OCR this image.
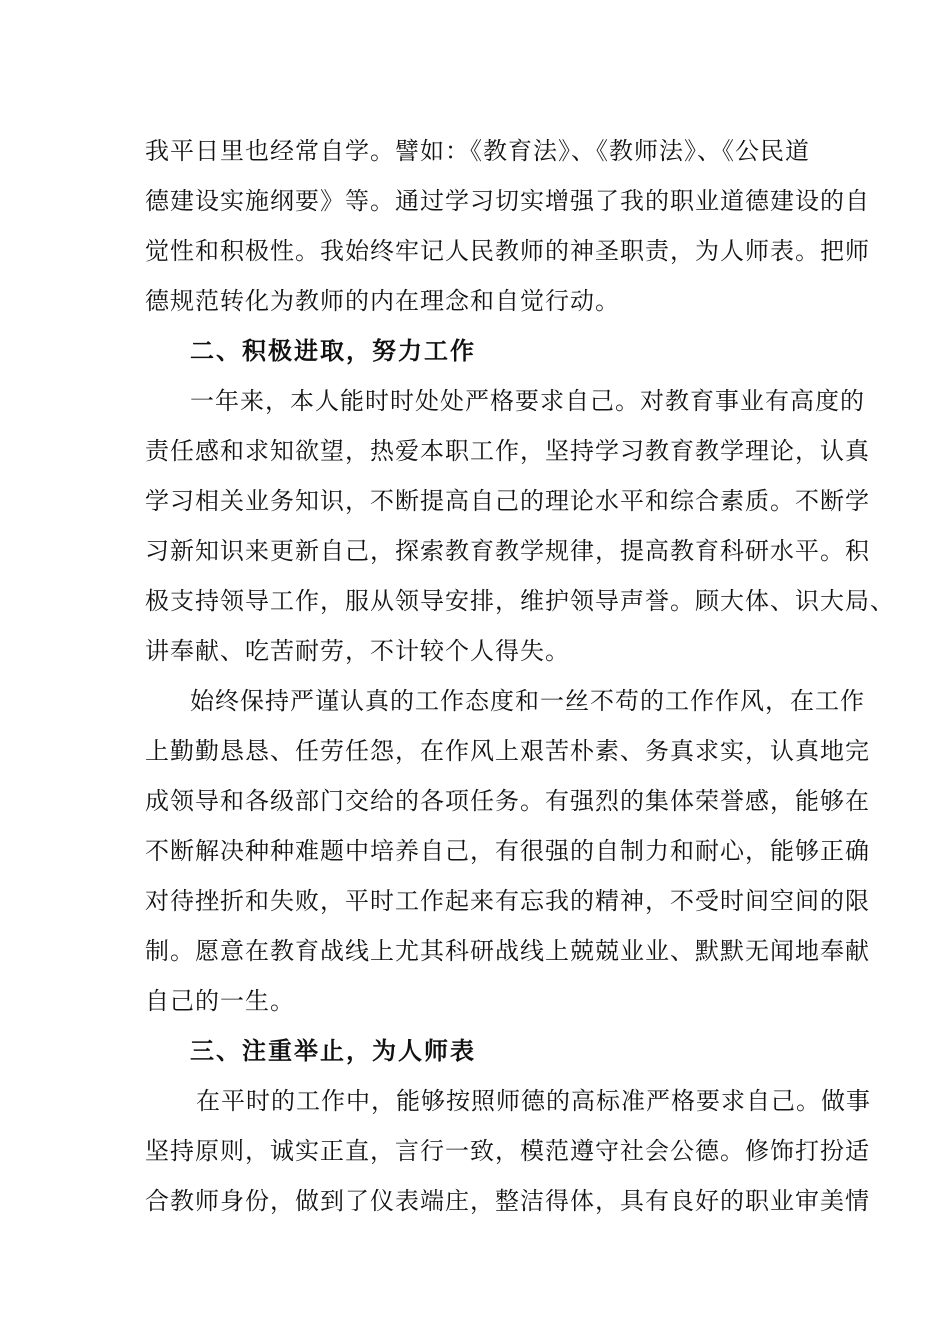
我平日里也经常自学。譬如：《教育法》、《教师法》、《公民道
德建设实施纲要》等。通过学习切实增强了我的职业道德建设的自
觉性和积极性。我始终牢记人民教师的神圣职责，为人师表。把师
德规范转化为教师的内在理念和自觉行动。
二、积极进取，努力工作
一年来，本人能时时处处严格要求自己。对教育事业有高度的
责任感和求知欲望，热爱本职工作，坚持学习教育教学理论，认真
学习相关业务知识，不断提高自己的理论水平和综合素质。不断学
习新知识来更新自己，探索教育教学规律，提高教育科研水平。积
极支持领导工作，服从领导安排，维护领导声誉。顾大体、识大局、
讲奉献、吃苦耐劳，不计较个人得失。
始终保持严谨认真的工作态度和一丝不苟的工作作风，在工作
上勤勤恳恳、任劳任怨，在作风上艰苦朴素、务真求实，认真地完
成领导和各级部门交给的各项任务。有强烈的集体荣誉感，能够在
不断解决种种难题中培养自己，有很强的自制力和耐心，能够正确
对待挫折和失败，平时工作起来有忘我的精神，不受时间空间的限
制。愿意在教育战线上尤其科研战线上兢兢业业、默默无闻地奉献
自己的一生。
三、注重举止，为人师表
在平时的工作中，能够按照师德的高标准严格要求自己。做事
坚持原则，诚实正直，言行一致，模范遵守社会公德。修饰打扮适
合教师身份，做到了仪表端庄，整洁得体，具有良好的职业审美情
